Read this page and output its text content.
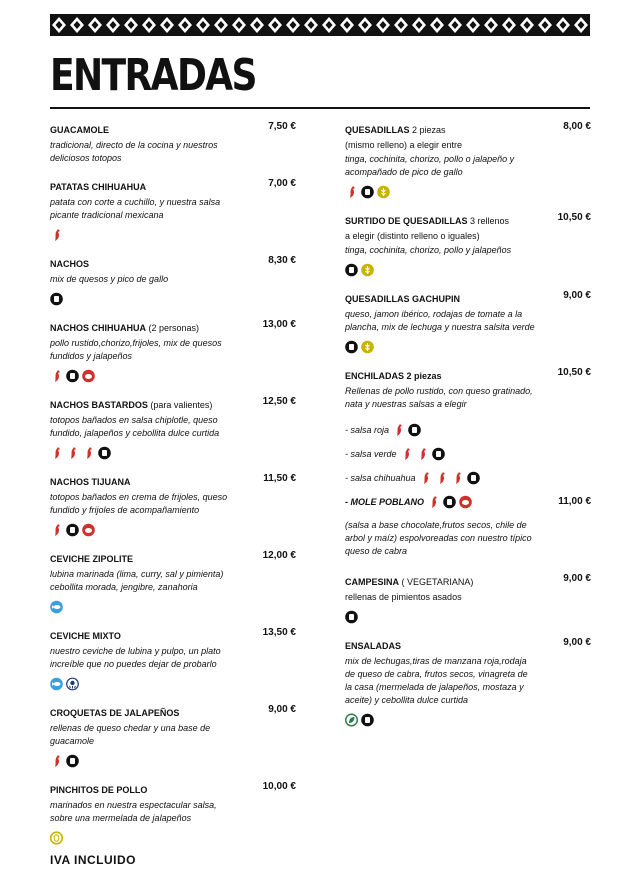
ENTRADAS
GUACAMOLE	7,50 €
tradicional, directo de la cocina y nuestros deliciosos totopos
PATATAS CHIHUAHUA	7,00 €
patata con corte a cuchillo, y nuestra salsa picante tradicional mexicana
NACHOS	8,30 €
mix de quesos y pico de gallo
NACHOS CHIHUAHUA (2 personas)	13,00 €
pollo rustido,chorizo,frijoles, mix de quesos fundidos y jalapeños
NACHOS BASTARDOS (para valientes)	12,50 €
totopos bañados en salsa chiplotle, queso fundido, jalapeños y cebollita dulce curtida
NACHOS TIJUANA	11,50 €
totopos bañados en crema de frijoles, queso fundido y frijoles de acompañamiento
CEVICHE ZIPOLITE	12,00 €
lubina marinada (lima, curry, sal y pimienta) cebollita morada, jengibre, zanahoria
CEVICHE MIXTO	13,50 €
nuestro ceviche de lubina y pulpo, un plato increíble que no puedes dejar de probarlo
CROQUETAS DE JALAPEÑOS	9,00 €
rellenas de queso chedar y una base de guacamole
PINCHITOS DE POLLO	10,00 €
marinados en nuestra espectacular salsa, sobre una mermelada de jalapeños
QUESADILLAS 2 piezas	8,00 €
(mismo relleno) a elegir entre
tinga, cochinita, chorizo, pollo o jalapeño y acompañado de pico de gallo
SURTIDO DE QUESADILLAS 3 rellenos	10,50 €
a elegir (distinto relleno o iguales)
tinga, cochinita, chorizo, pollo y jalapeños
QUESADILLAS GACHUPIN	9,00 €
queso, jamon ibérico, rodajas de tomate a la plancha, mix de lechuga y nuestra salsita verde
ENCHILADAS 2 piezas	10,50 €
Rellenas de pollo rustido, con queso gratinado, nata y nuestras salsas a elegir
- salsa roja
- salsa verde
- salsa chihuahua
- MOLE POBLANO	11,00 €
(salsa a base chocolate,frutos secos, chile de arbol y maíz) espolvoreadas con nuestro típico queso de cabra
CAMPESINA ( VEGETARIANA)	9,00 €
rellenas de pimientos asados
ENSALADAS	9,00 €
mix de lechugas,tiras de manzana roja,rodaja de queso de cabra, frutos secos, vinagreta de la casa (mermelada de jalapeños, mostaza y aceite) y cebollita dulce curtida
IVA INCLUIDO
